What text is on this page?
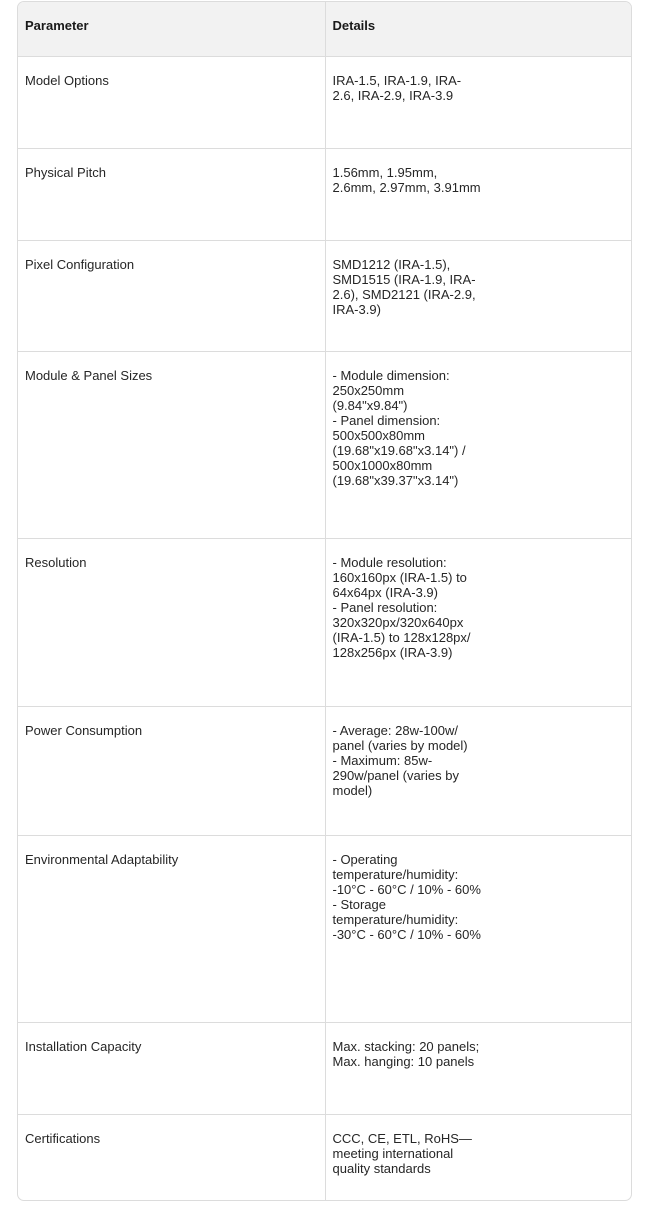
Parameter	Details
Model Options	IRA-1.5, IRA-1.9, IRA-2.6, IRA-2.9, IRA-3.9
Physical Pitch	1.56mm, 1.95mm, 2.6mm, 2.97mm, 3.91mm
Pixel Configuration	SMD1212 (IRA-1.5), SMD1515 (IRA-1.9, IRA-2.6), SMD2121 (IRA-2.9, IRA-3.9)
Module & Panel Sizes	- Module dimension: 250x250mm (9.84"x9.84")
- Panel dimension: 500x500x80mm (19.68"x19.68"x3.14") / 500x1000x80mm (19.68"x39.37"x3.14")
Resolution	- Module resolution: 160x160px (IRA-1.5) to 64x64px (IRA-3.9)
- Panel resolution: 320x320px/320x640px (IRA-1.5) to 128x128px/ 128x256px (IRA-3.9)
Power Consumption	- Average: 28w-100w/ panel (varies by model)
- Maximum: 85w-290w/panel (varies by model)
Environmental Adaptability	- Operating temperature/humidity: -10°C - 60°C / 10% - 60%
- Storage temperature/humidity: -30°C - 60°C / 10% - 60%
Installation Capacity	Max. stacking: 20 panels; Max. hanging: 10 panels
Certifications	CCC, CE, ETL, RoHS—meeting international quality standards
